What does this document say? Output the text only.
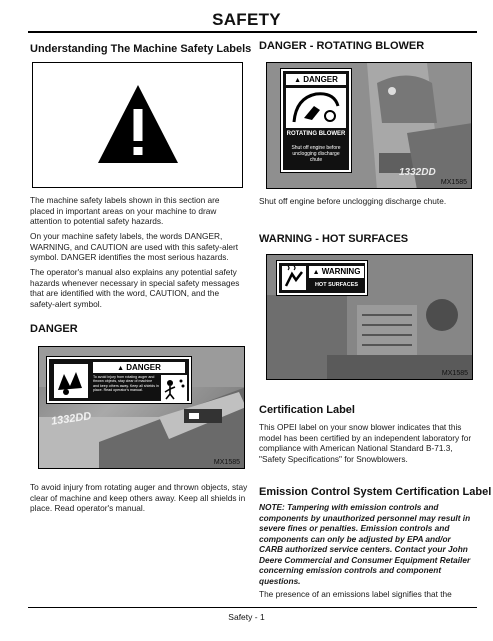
SAFETY
Understanding The Machine Safety Labels

The machine safety labels shown in this section are placed in important areas on your machine to draw attention to potential safety hazards.

On your machine safety labels, the words DANGER, WARNING, and CAUTION are used with this safety-alert symbol. DANGER identifies the most serious hazards.

The operator's manual also explains any potential safety hazards whenever necessary in special safety messages that are identified with the word, CAUTION, and the safety-alert symbol.

DANGER
▲ DANGER
To avoid injury from rotating auger and thrown objects, stay clear of machine and keep others away. Keep all shields in place. Read operator's manual.
1332DD
MX1585

To avoid injury from rotating auger and thrown objects, stay clear of machine and keep others away. Keep all shields in place. Read operator's manual.

DANGER - ROTATING BLOWER
▲ DANGER
ROTATING BLOWER
Shut off engine before unclogging discharge chute
1332DD
MX1585

Shut off engine before unclogging discharge chute.

WARNING - HOT SURFACES
▲ WARNING
HOT SURFACES
MX1585
Certification Label

This OPEI label on your snow blower indicates that this model has been certified by an independent laboratory for compliance with American National Standard B-71.3, "Safety Specifications" for Snowblowers.

Emission Control System Certification Label

NOTE: Tampering with emission controls and components by unauthorized personnel may result in severe fines or penalties. Emission controls and components can only be adjusted by EPA and/or CARB authorized service centers. Contact your John Deere Commercial and Consumer Equipment Retailer concerning emission controls and component questions.

The presence of an emissions label signifies that the

Safety - 1
